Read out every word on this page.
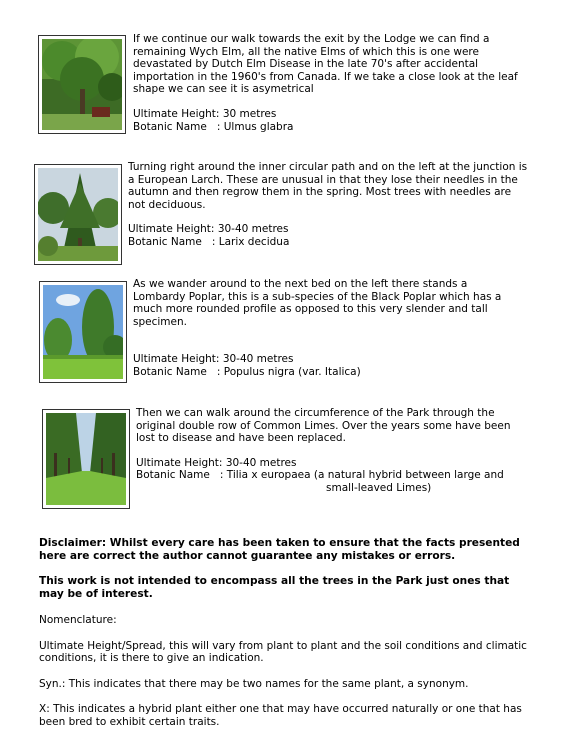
If we continue our walk towards the exit by the Lodge we can find a remaining Wych Elm, all the native Elms of which this is one were devastated by Dutch Elm Disease in the late 70's after accidental importation in the 1960's from Canada. If we take a close look at the leaf shape we can see it is asymetrical

Ultimate Height: 30 metres

Botanic Name : Ulmus glabra

Turning right around the inner circular path and on the left at the junction is a European Larch. These are unusual in that they lose their needles in the autumn and then regrow them in the spring. Most trees with needles are not deciduous.

Ultimate Height: 30-40 metres

Botanic Name : Larix decidua

As we wander around to the next bed on the left there stands a Lombardy Poplar, this is a sub-species of the Black Poplar which has a much more rounded profile as opposed to this very slender and tall specimen.

Ultimate Height: 30-40 metres

Botanic Name : Populus nigra (var. Italica)

Then we can walk around the circumference of the Park through the original double row of Common Limes. Over the years some have been lost to disease and have been replaced.

Ultimate Height: 30-40 metres

Botanic Name : Tilia x europaea (a natural hybrid between large and

small-leaved Limes)

Disclaimer: Whilst every care has been taken to ensure that the facts presented here are correct the author cannot guarantee any mistakes or errors.

This work is not intended to encompass all the trees in the Park just ones that may be of interest.

Nomenclature:

Ultimate Height/Spread, this will vary from plant to plant and the soil conditions and climatic conditions, it is there to give an indication.

Syn.: This indicates that there may be two names for the same plant, a synonym.

X: This indicates a hybrid plant either one that may have occurred naturally or one that has been bred to exhibit certain traits.
